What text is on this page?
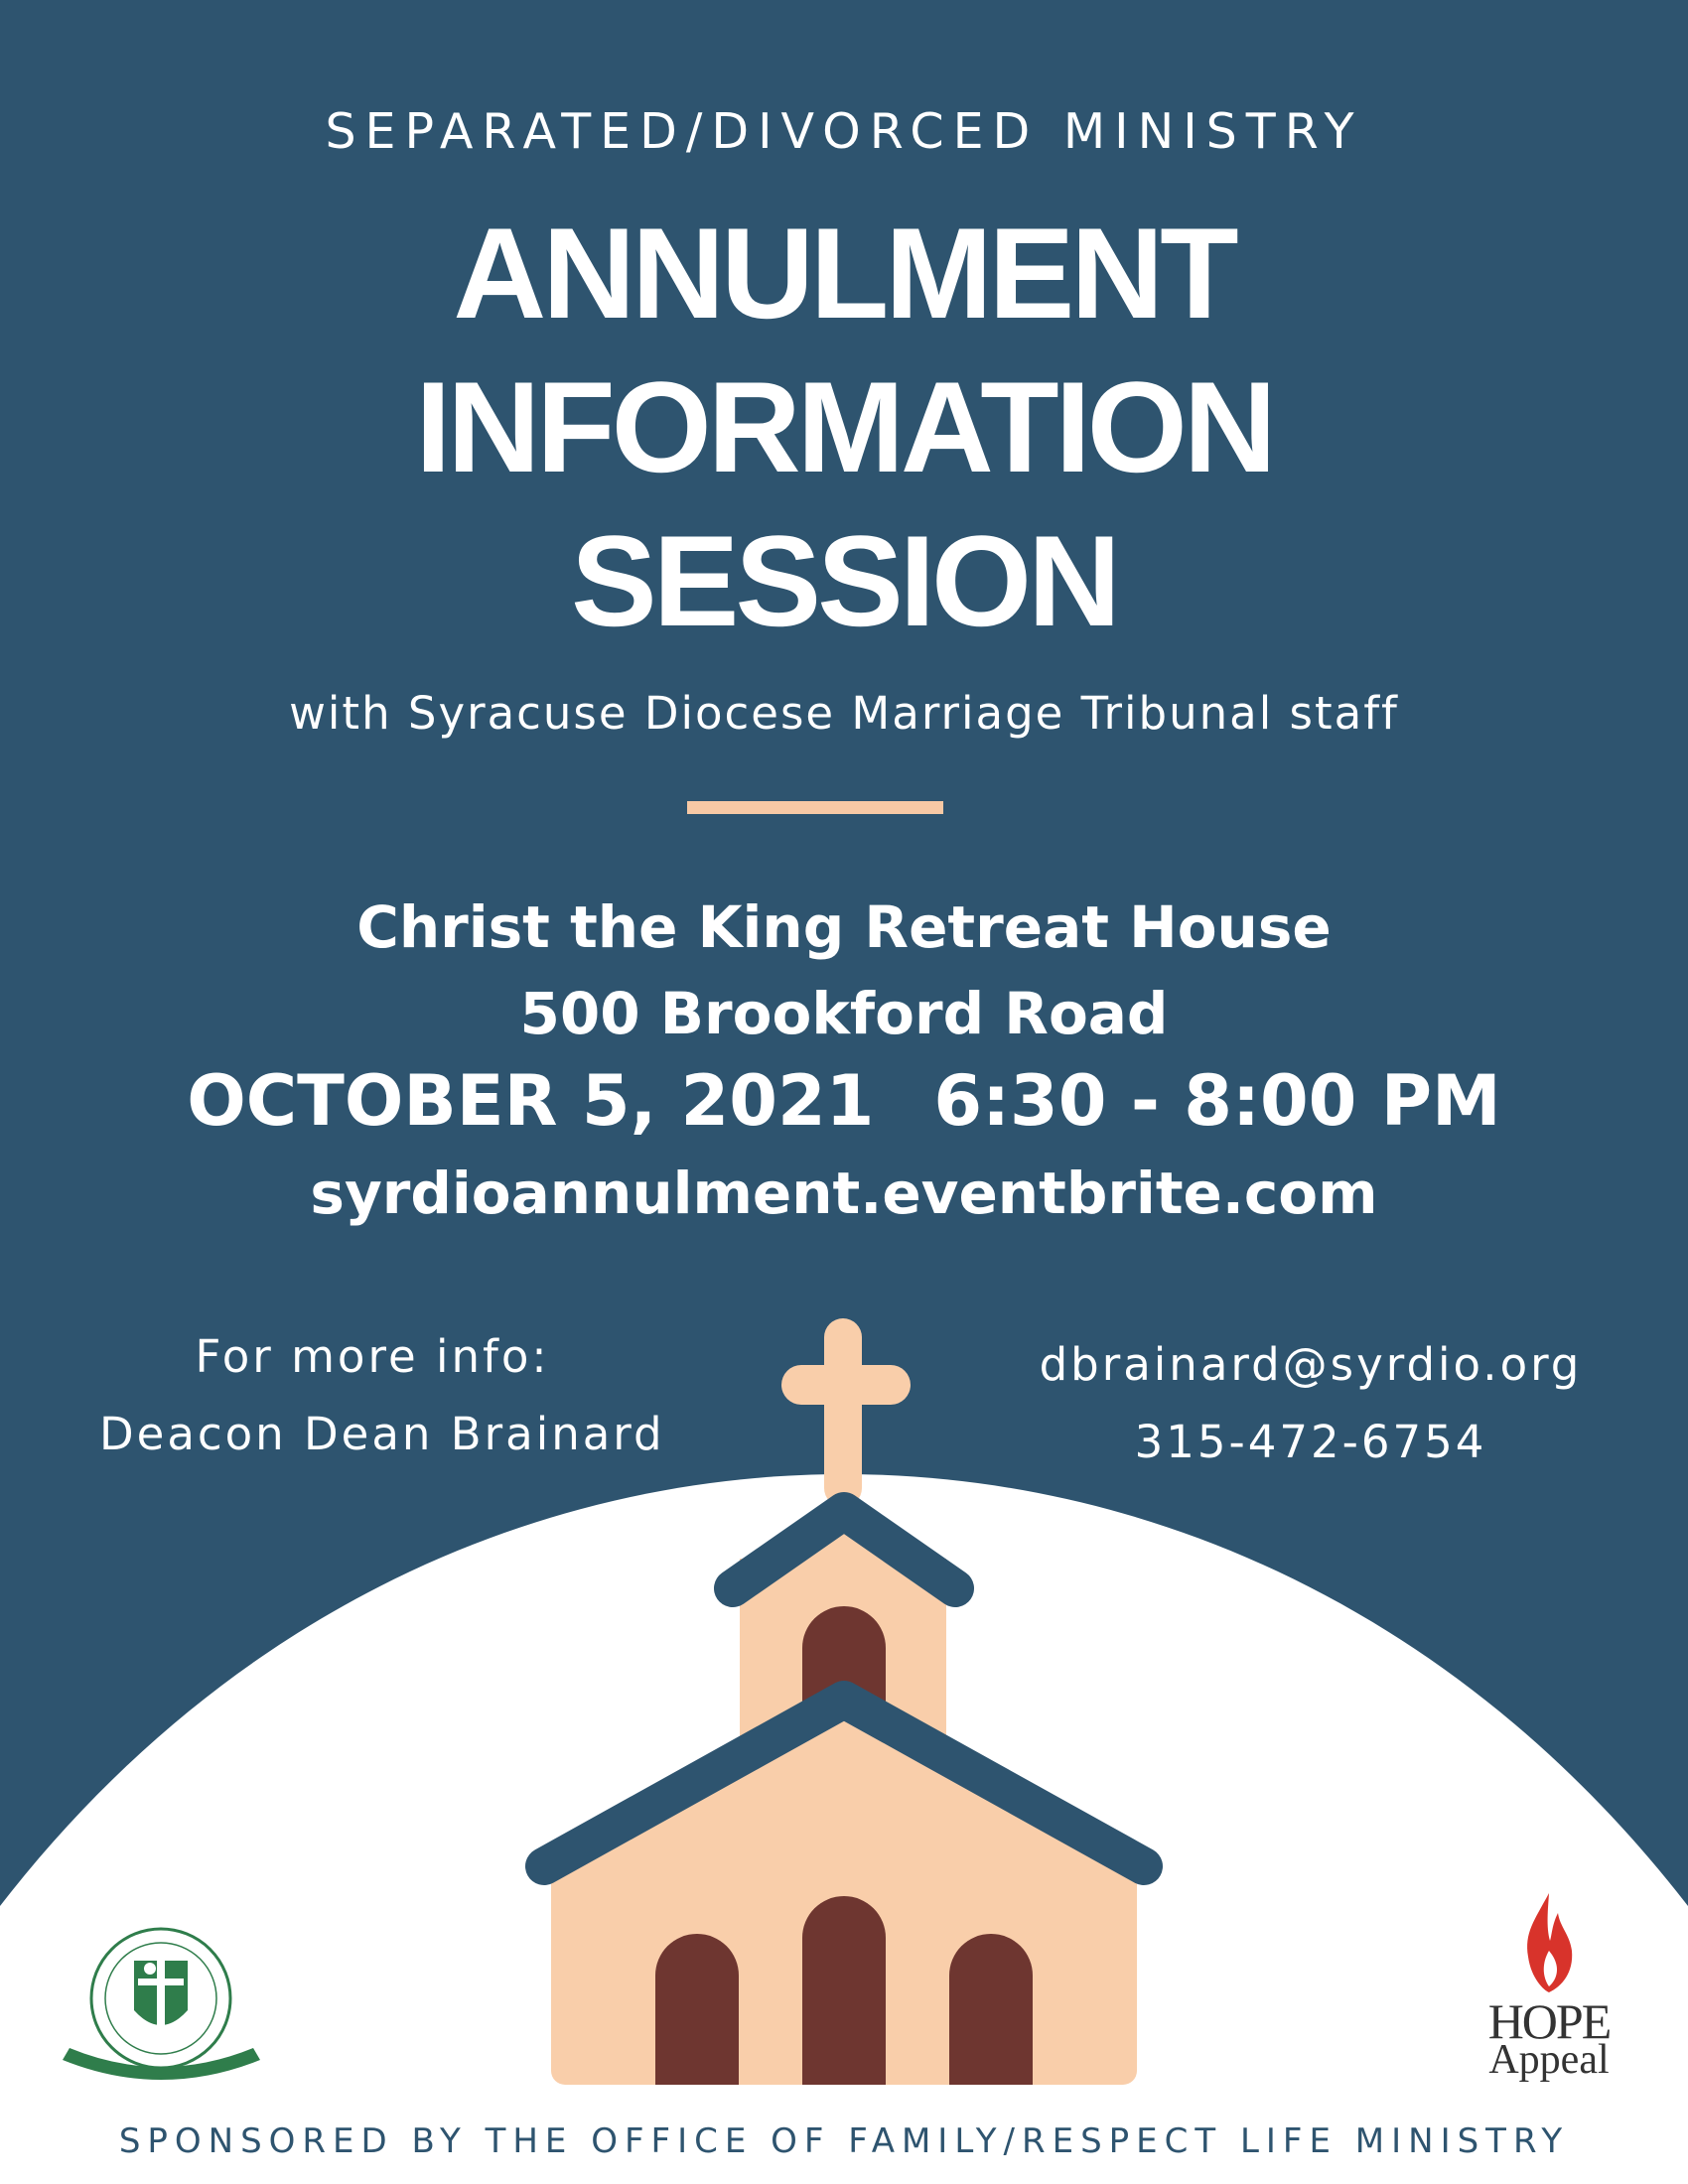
SEPARATED/DIVORCED MINISTRY
ANNULMENT
INFORMATION
SESSION
with Syracuse Diocese Marriage Tribunal staff
Christ the King Retreat House
500 Brookford Road
OCTOBER 5, 2021 6:30 - 8:00 PM
syrdioannulment.eventbrite.com
For more info:
Deacon Dean Brainard
dbrainard@syrdio.org
315-472-6754
HOPE
Appeal
SPONSORED BY THE OFFICE OF FAMILY/RESPECT LIFE MINISTRY
